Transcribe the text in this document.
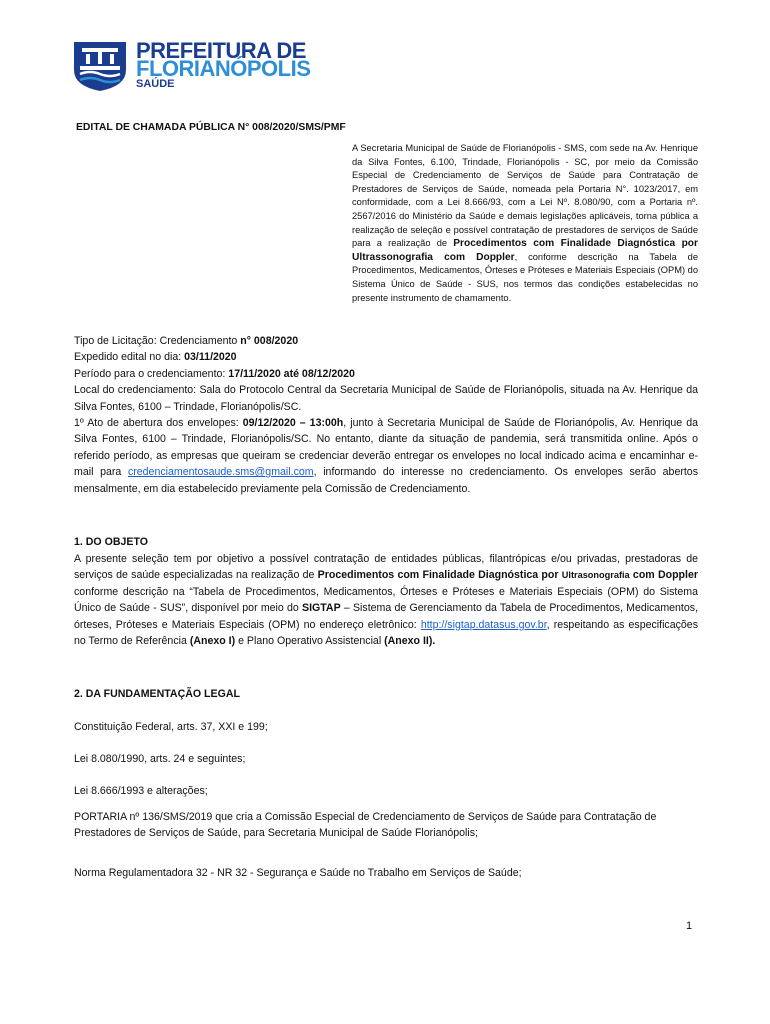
PREFEITURA DE
FLORIANÓPOLIS
SAÚDE
EDITAL DE CHAMADA PÚBLICA N° 008/2020/SMS/PMF
A Secretaria Municipal de Saúde de Florianópolis - SMS, com sede na Av. Henrique da Silva Fontes, 6.100, Trindade, Florianópolis - SC, por meio da Comissão Especial de Credenciamento de Serviços de Saúde para Contratação de Prestadores de Serviços de Saúde, nomeada pela Portaria N°. 1023/2017, em conformidade, com a Lei 8.666/93, com a Lei Nº. 8.080/90, com a Portaria nº. 2567/2016 do Ministério da Saúde e demais legislações aplicáveis, torna pública a realização de seleção e possível contratação de prestadores de serviços de Saúde para a realização de Procedimentos com Finalidade Diagnóstica por Ultrassonografia com Doppler, conforme descrição na Tabela de Procedimentos, Medicamentos, Órteses e Próteses e Materiais Especiais (OPM) do Sistema Único de Saúde - SUS, nos termos das condições estabelecidas no presente instrumento de chamamento.
Tipo de Licitação: Credenciamento n° 008/2020
Expedido edital no dia: 03/11/2020
Período para o credenciamento: 17/11/2020 até 08/12/2020
Local do credenciamento: Sala do Protocolo Central da Secretaria Municipal de Saúde de Florianópolis, situada na Av. Henrique da Silva Fontes, 6100 – Trindade, Florianópolis/SC.
1º Ato de abertura dos envelopes: 09/12/2020 – 13:00h, junto à Secretaria Municipal de Saúde de Florianópolis, Av. Henrique da Silva Fontes, 6100 – Trindade, Florianópolis/SC. No entanto, diante da situação de pandemia, será transmitida online. Após o referido período, as empresas que queiram se credenciar deverão entregar os envelopes no local indicado acima e encaminhar e-mail para credenciamentosaude.sms@gmail.com, informando do interesse no credenciamento. Os envelopes serão abertos mensalmente, em dia estabelecido previamente pela Comissão de Credenciamento.
1. DO OBJETO
A presente seleção tem por objetivo a possível contratação de entidades públicas, filantrópicas e/ou privadas, prestadoras de serviços de saúde especializadas na realização de Procedimentos com Finalidade Diagnóstica por Ultrasonografia com Doppler conforme descrição na “Tabela de Procedimentos, Medicamentos, Órteses e Próteses e Materiais Especiais (OPM) do Sistema Único de Saúde - SUS”, disponível por meio do SIGTAP – Sistema de Gerenciamento da Tabela de Procedimentos, Medicamentos, órteses, Próteses e Materiais Especiais (OPM) no endereço eletrônico: http://sigtap.datasus.gov.br, respeitando as especificações no Termo de Referência (Anexo I) e Plano Operativo Assistencial (Anexo II).
2. DA FUNDAMENTAÇÃO LEGAL
Constituição Federal, arts. 37, XXI e 199;
Lei 8.080/1990, arts. 24 e seguintes;
Lei 8.666/1993 e alterações;
PORTARIA nº 136/SMS/2019 que cria a Comissão Especial de Credenciamento de Serviços de Saúde para Contratação de Prestadores de Serviços de Saúde, para Secretaria Municipal de Saúde Florianópolis;
Norma Regulamentadora 32 - NR 32 - Segurança e Saúde no Trabalho em Serviços de Saúde;
1
